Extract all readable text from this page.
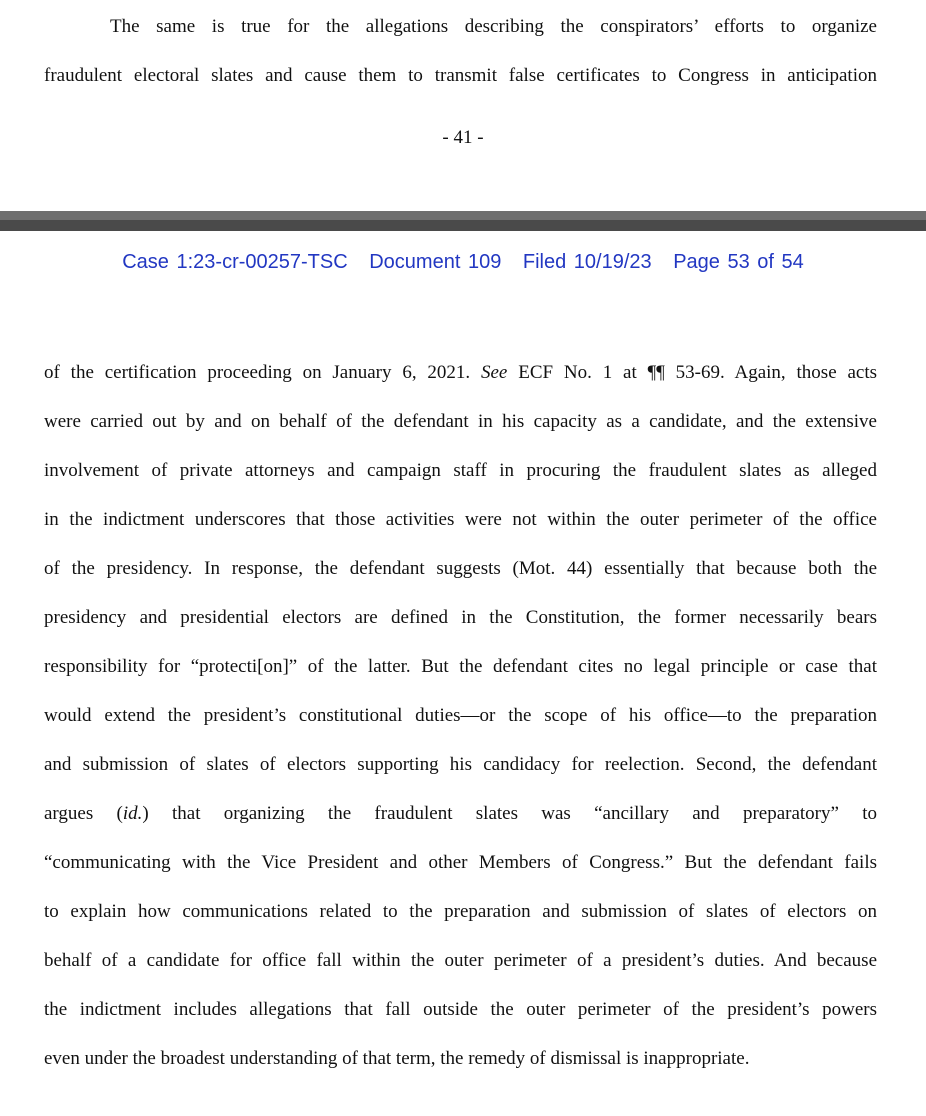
The same is true for the allegations describing the conspirators’ efforts to organize
fraudulent electoral slates and cause them to transmit false certificates to Congress in anticipation
- 41 -
Case 1:23-cr-00257-TSC Document 109 Filed 10/19/23 Page 53 of 54
of the certification proceeding on January 6, 2021. See ECF No. 1 at ¶¶ 53-69. Again, those acts
were carried out by and on behalf of the defendant in his capacity as a candidate, and the extensive
involvement of private attorneys and campaign staff in procuring the fraudulent slates as alleged
in the indictment underscores that those activities were not within the outer perimeter of the office
of the presidency. In response, the defendant suggests (Mot. 44) essentially that because both the
presidency and presidential electors are defined in the Constitution, the former necessarily bears
responsibility for “protecti[on]” of the latter. But the defendant cites no legal principle or case that
would extend the president’s constitutional duties—or the scope of his office—to the preparation
and submission of slates of electors supporting his candidacy for reelection. Second, the defendant
argues (id.) that organizing the fraudulent slates was “ancillary and preparatory” to
“communicating with the Vice President and other Members of Congress.” But the defendant fails
to explain how communications related to the preparation and submission of slates of electors on
behalf of a candidate for office fall within the outer perimeter of a president’s duties. And because
the indictment includes allegations that fall outside the outer perimeter of the president’s powers
even under the broadest understanding of that term, the remedy of dismissal is inappropriate.
